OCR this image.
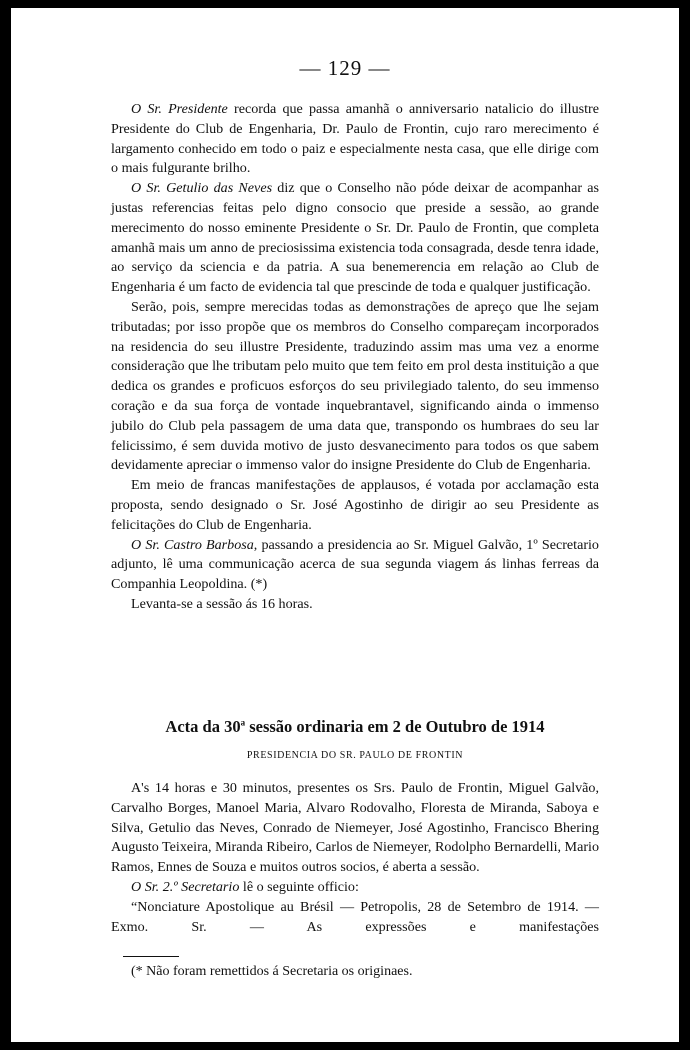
— 129 —

O Sr. Presidente recorda que passa amanhã o anniversario natalicio do illustre Presidente do Club de Engenharia, Dr. Paulo de Frontin, cujo raro merecimento é largamento conhecido em todo o paiz e especialmente nesta casa, que elle dirige com o mais fulgurante brilho.

O Sr. Getulio das Neves diz que o Conselho não póde deixar de acompanhar as justas referencias feitas pelo digno consocio que preside a sessão, ao grande merecimento do nosso eminente Presidente o Sr. Dr. Paulo de Frontin, que completa amanhã mais um anno de preciosissima existencia toda consagrada, desde tenra idade, ao serviço da sciencia e da patria. A sua benemerencia em relação ao Club de Engenharia é um facto de evidencia tal que prescinde de toda e qualquer justificação.

Serão, pois, sempre merecidas todas as demonstrações de apreço que lhe sejam tributadas; por isso propõe que os membros do Conselho compareçam incorporados na residencia do seu illustre Presidente, traduzindo assim mas uma vez a enorme consideração que lhe tributam pelo muito que tem feito em prol desta instituição a que dedica os grandes e proficuos esforços do seu privilegiado talento, do seu immenso coração e da sua força de vontade inquebrantavel, significando ainda o immenso jubilo do Club pela passagem de uma data que, transpondo os humbraes do seu lar felicissimo, é sem duvida motivo de justo desvanecimento para todos os que sabem devidamente apreciar o immenso valor do insigne Presidente do Club de Engenharia.

Em meio de francas manifestações de applausos, é votada por acclamação esta proposta, sendo designado o Sr. José Agostinho de dirigir ao seu Presidente as felicitações do Club de Engenharia.

O Sr. Castro Barbosa, passando a presidencia ao Sr. Miguel Galvão, 1º Secretario adjunto, lê uma communicação acerca de sua segunda viagem ás linhas ferreas da Companhia Leopoldina. (*)

Levanta-se a sessão ás 16 horas.

Acta da 30$^a$ sessão ordinaria em 2 de Outubro de 1914
PRESIDENCIA DO SR. PAULO DE FRONTIN

A's 14 horas e 30 minutos, presentes os Srs. Paulo de Frontin, Miguel Galvão, Carvalho Borges, Manoel Maria, Alvaro Rodovalho, Floresta de Miranda, Saboya e Silva, Getulio das Neves, Conrado de Niemeyer, José Agostinho, Francisco Bhering Augusto Teixeira, Miranda Ribeiro, Carlos de Niemeyer, Rodolpho Bernardelli, Mario Ramos, Ennes de Souza e muitos outros socios, é aberta a sessão.

O Sr. 2.º Secretario lê o seguinte officio:

“Nonciature Apostolique au Brésil — Petropolis, 28 de Setembro de 1914. — Exmo. Sr. — As expressões e manifestações

(* Não foram remettidos á Secretaria os originaes.
